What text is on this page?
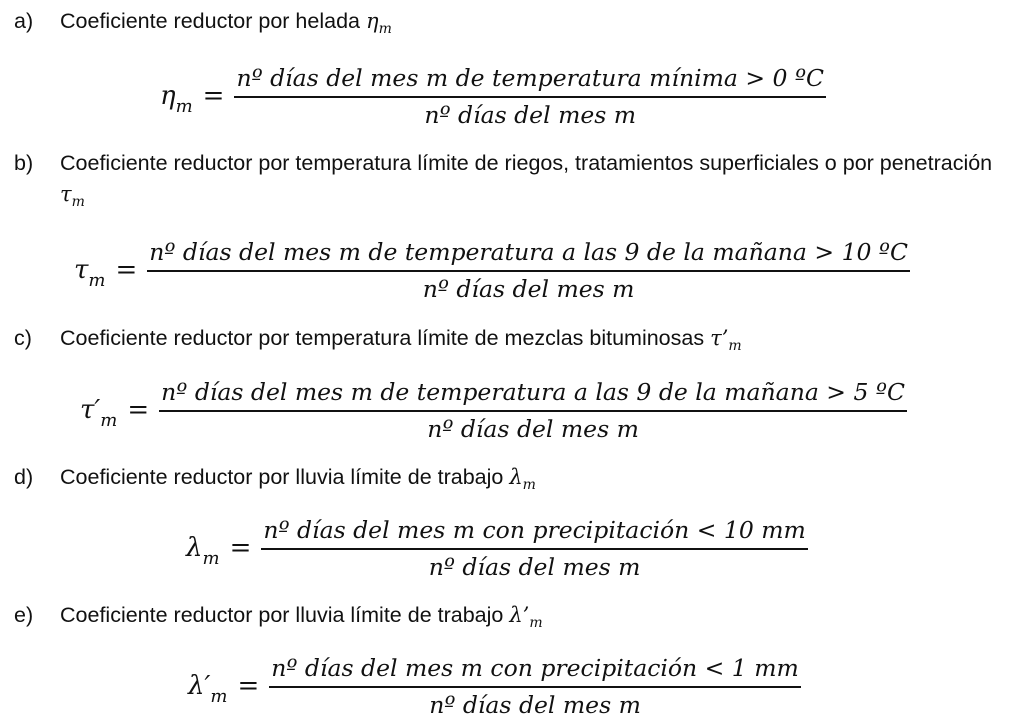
a)	Coeficiente reductor por helada $\eta_m$
$\eta_m = \frac{\text{nº días del mes m de temperatura mínima > 0 ºC}}{\text{nº días del mes m}}$
b)	Coeficiente reductor por temperatura límite de riegos, tratamientos superficiales o por penetración $\tau_m$
$\tau_m$ =
nº días del mes m de temperatura a las 9 de la mañana > 10 ºC
nº días del mes m
c)	Coeficiente reductor por temperatura límite de mezclas bituminosas $\tau’_m$
$\tau'_m = \frac{\text{nº días del mes m de temperatura a las 9 de la mañana > 5 ºC}}{\text{nº días del mes m}}$
d)	Coeficiente reductor por lluvia límite de trabajo $\lambda_m$
$\lambda_m = \frac{\text{nº días del mes m con precipitación < 10 mm}}{\text{nº días del mes m}}$
e)	Coeficiente reductor por lluvia límite de trabajo $\lambda’_m$
$\lambda'_m = \frac{\text{nº días del mes m con precipitación < 1 mm}}{\text{nº días del mes m}}$
